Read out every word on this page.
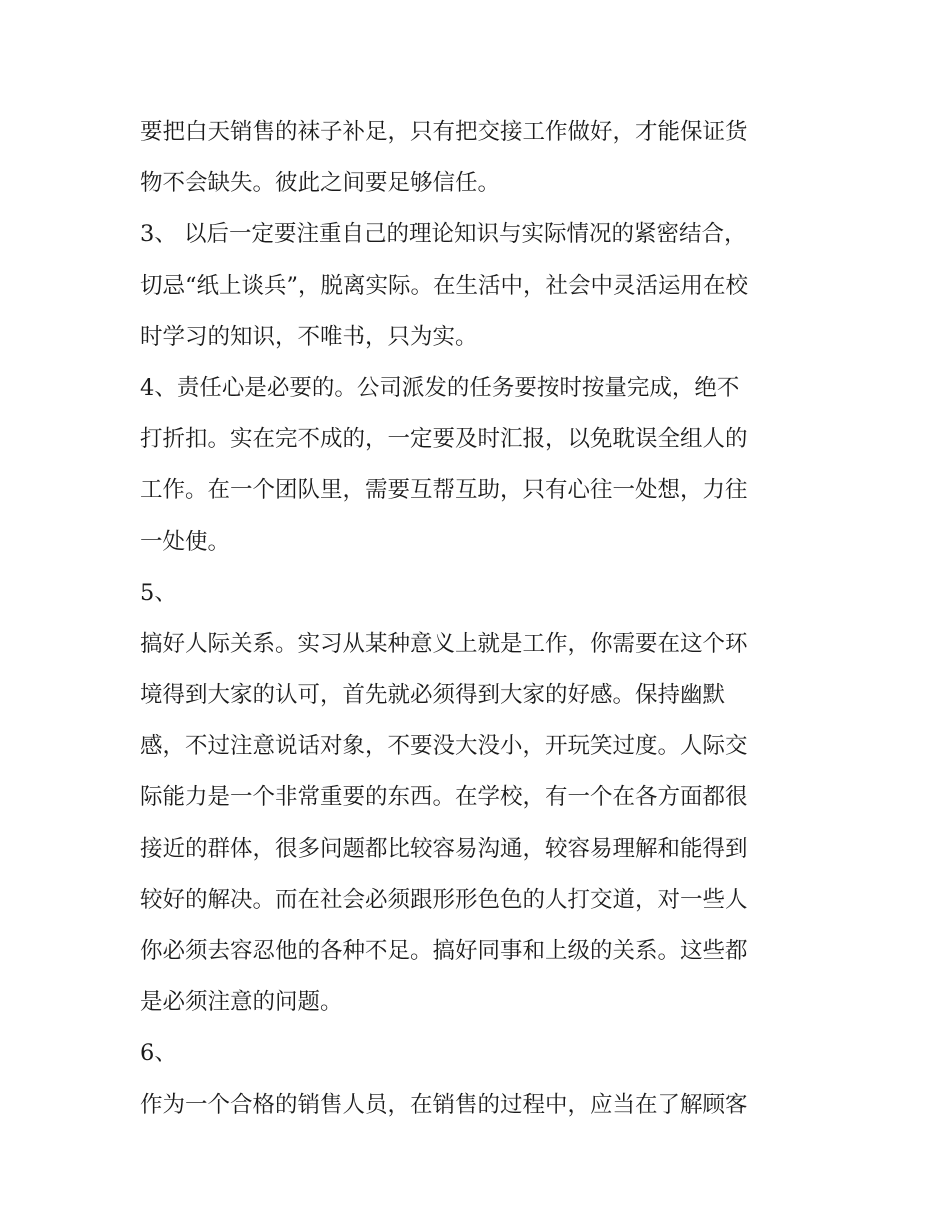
要把白天销售的袜子补足，只有把交接工作做好，才能保证货
物不会缺失。彼此之间要足够信任。
3、 以后一定要注重自己的理论知识与实际情况的紧密结合，
切忌“纸上谈兵”，脱离实际。在生活中，社会中灵活运用在校
时学习的知识，不唯书，只为实。
4、责任心是必要的。公司派发的任务要按时按量完成，绝不
打折扣。实在完不成的，一定要及时汇报，以免耽误全组人的
工作。在一个团队里，需要互帮互助，只有心往一处想，力往
一处使。
5、
搞好人际关系。实习从某种意义上就是工作，你需要在这个环
境得到大家的认可，首先就必须得到大家的好感。保持幽默
感，不过注意说话对象，不要没大没小，开玩笑过度。人际交
际能力是一个非常重要的东西。在学校，有一个在各方面都很
接近的群体，很多问题都比较容易沟通，较容易理解和能得到
较好的解决。而在社会必须跟形形色色的人打交道，对一些人
你必须去容忍他的各种不足。搞好同事和上级的关系。这些都
是必须注意的问题。
6、
作为一个合格的销售人员，在销售的过程中，应当在了解顾客
